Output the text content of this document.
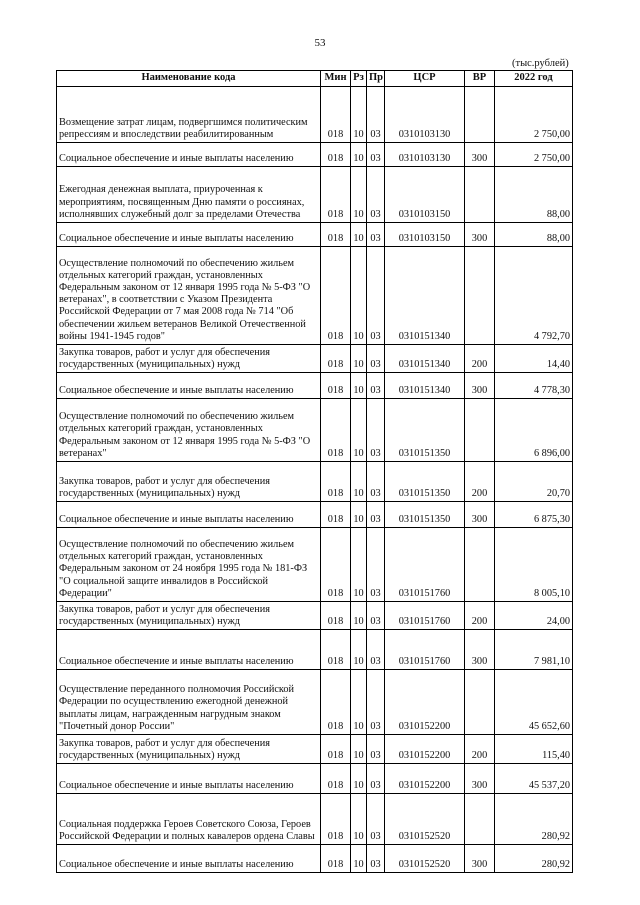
53
(тыс.рублей)
Наименование кода	Мин	Рз	Пр	ЦСР	ВР	2022 год
Возмещение затрат лицам, подвергшимся политическим репрессиям и впоследствии реабилитированным	018	10	03	0310103130		2 750,00
Социальное обеспечение и иные выплаты населению	018	10	03	0310103130	300	2 750,00
Ежегодная денежная выплата, приуроченная к мероприятиям, посвященным Дню памяти о россиянах, исполнявших служебный долг за пределами Отечества	018	10	03	0310103150		88,00
Социальное обеспечение и иные выплаты населению	018	10	03	0310103150	300	88,00
Осуществление полномочий по обеспечению жильем отдельных категорий граждан, установленных Федеральным законом от 12 января 1995 года № 5-ФЗ "О ветеранах", в соответствии с Указом Президента Российской Федерации от 7 мая 2008 года № 714 "Об обеспечении жильем ветеранов Великой Отечественной войны 1941-1945 годов"	018	10	03	0310151340		4 792,70
Закупка товаров, работ и услуг для обеспечения государственных (муниципальных) нужд	018	10	03	0310151340	200	14,40
Социальное обеспечение и иные выплаты населению	018	10	03	0310151340	300	4 778,30
Осуществление полномочий по обеспечению жильем отдельных категорий граждан, установленных Федеральным законом от 12 января 1995 года № 5-ФЗ "О ветеранах"	018	10	03	0310151350		6 896,00
Закупка товаров, работ и услуг для обеспечения государственных (муниципальных) нужд	018	10	03	0310151350	200	20,70
Социальное обеспечение и иные выплаты населению	018	10	03	0310151350	300	6 875,30
Осуществление полномочий по обеспечению жильем отдельных категорий граждан, установленных Федеральным законом от 24 ноября 1995 года № 181-ФЗ "О социальной защите инвалидов в Российской Федерации"	018	10	03	0310151760		8 005,10
Закупка товаров, работ и услуг для обеспечения государственных (муниципальных) нужд	018	10	03	0310151760	200	24,00
Социальное обеспечение и иные выплаты населению	018	10	03	0310151760	300	7 981,10
Осуществление переданного полномочия Российской Федерации по осуществлению ежегодной денежной выплаты лицам, награжденным нагрудным знаком "Почетный донор России"	018	10	03	0310152200		45 652,60
Закупка товаров, работ и услуг для обеспечения государственных (муниципальных) нужд	018	10	03	0310152200	200	115,40
Социальное обеспечение и иные выплаты населению	018	10	03	0310152200	300	45 537,20
Социальная поддержка Героев Советского Союза, Героев Российской Федерации и полных кавалеров ордена Славы	018	10	03	0310152520		280,92
Социальное обеспечение и иные выплаты населению	018	10	03	0310152520	300	280,92
